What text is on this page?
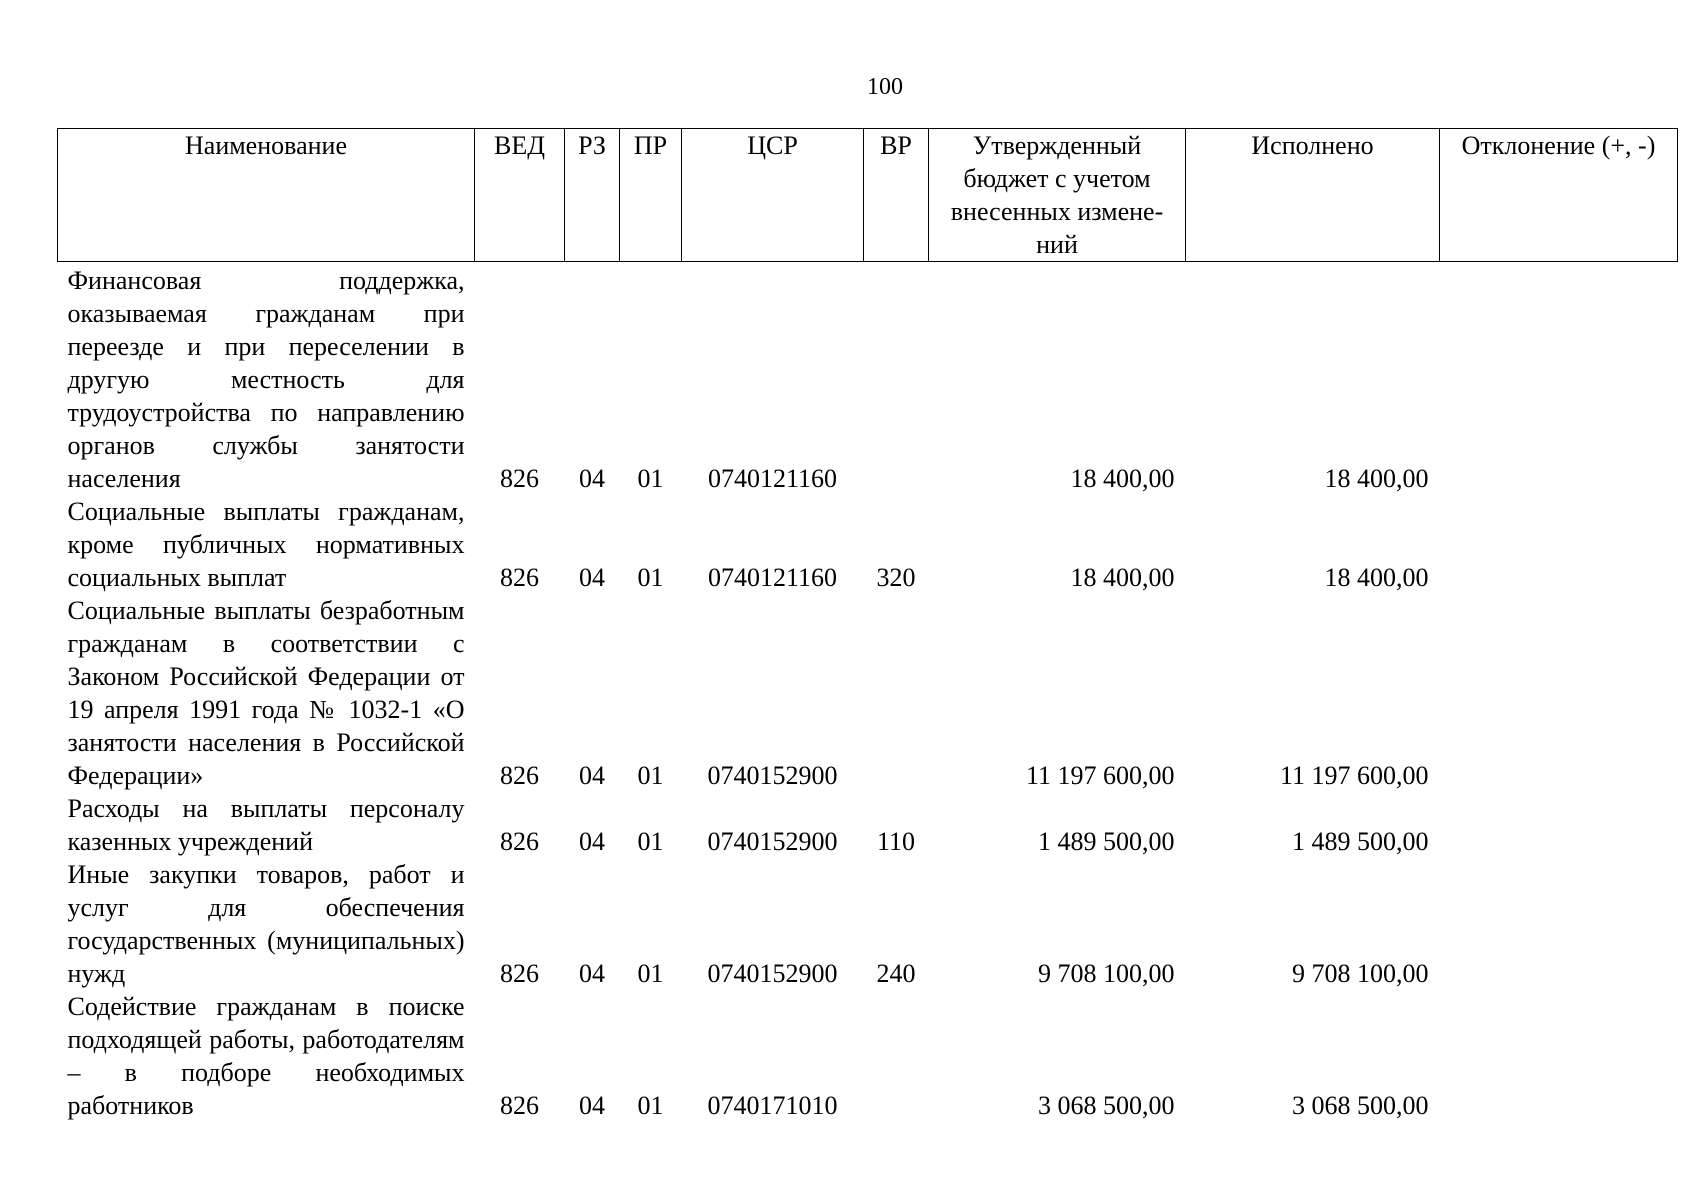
100
Наименование	ВЕД	РЗ	ПР	ЦСР	ВР	Утвержденный бюджет с учетом внесенных измене-ний	Исполнено	Отклонение (+, -)
Финансовая поддержка, оказываемая гражданам при переезде и при переселении в другую местность для трудоустройства по направлению органов службы занятости населения	826	04	01	0740121160		18 400,00	18 400,00	
Социальные выплаты гражданам, кроме публичных нормативных социальных выплат	826	04	01	0740121160	320	18 400,00	18 400,00	
Социальные выплаты безработным гражданам в соответствии с Законом Российской Федерации от 19 апреля 1991 года № 1032-1 «О занятости населения в Российской Федерации»	826	04	01	0740152900		11 197 600,00	11 197 600,00	
Расходы на выплаты персоналу казенных учреждений	826	04	01	0740152900	110	1 489 500,00	1 489 500,00	
Иные закупки товаров, работ и услуг для обеспечения государственных (муниципальных) нужд	826	04	01	0740152900	240	9 708 100,00	9 708 100,00	
Содействие гражданам в поиске подходящей работы, работодателям – в подборе необходимых работников	826	04	01	0740171010		3 068 500,00	3 068 500,00	
